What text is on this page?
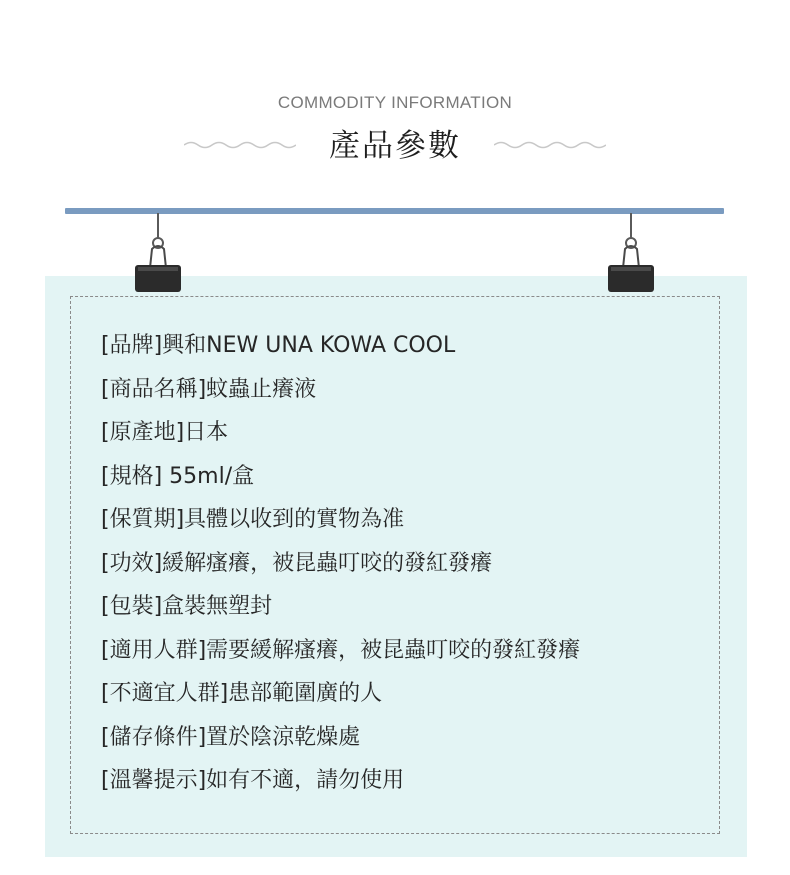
COMMODITY INFORMATION
產品參數
[品牌]興和NEW UNA KOWA COOL
[商品名稱]蚊蟲止癢液
[原產地]日本
[規格] 55ml/盒
[保質期]具體以收到的實物為准
[功效]緩解瘙癢，被昆蟲叮咬的發紅發癢
[包裝]盒裝無塑封
[適用人群]需要緩解瘙癢，被昆蟲叮咬的發紅發癢
[不適宜人群]患部範圍廣的人
[儲存條件]置於陰涼乾燥處
[溫馨提示]如有不適，請勿使用
